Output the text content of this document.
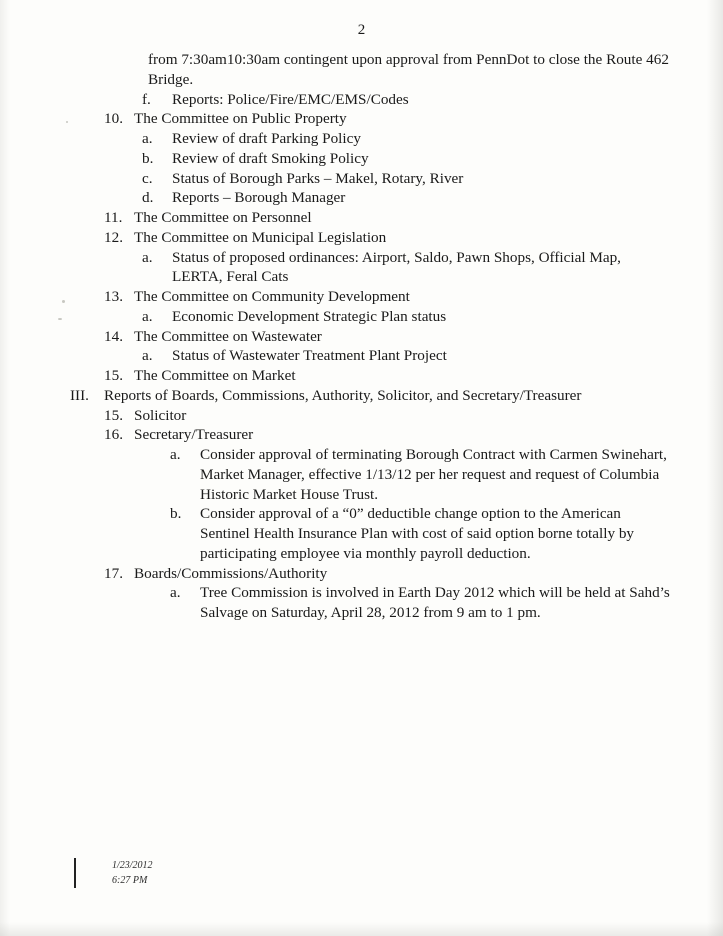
2
from 7:30am10:30am contingent upon approval from PennDot to close the Route 462 Bridge.
f.	Reports: Police/Fire/EMC/EMS/Codes
10. The Committee on Public Property
a.	Review of draft Parking Policy
b.	Review of draft Smoking Policy
c.	Status of Borough Parks – Makel, Rotary, River
d.	Reports – Borough Manager
11. The Committee on Personnel
12. The Committee on Municipal Legislation
a.	Status of proposed ordinances: Airport, Saldo, Pawn Shops, Official Map, LERTA, Feral Cats
13. The Committee on Community Development
a.	Economic Development Strategic Plan status
14. The Committee on Wastewater
a.	Status of Wastewater Treatment Plant Project
15. The Committee on Market
III. Reports of Boards, Commissions, Authority, Solicitor, and Secretary/Treasurer
15. Solicitor
16. Secretary/Treasurer
a.	Consider approval of terminating Borough Contract with Carmen Swinehart, Market Manager, effective 1/13/12 per her request and request of Columbia Historic Market House Trust.
b.	Consider approval of a “0” deductible change option to the American Sentinel Health Insurance Plan with cost of said option borne totally by participating employee via monthly payroll deduction.
17. Boards/Commissions/Authority
a.	Tree Commission is involved in Earth Day 2012 which will be held at Sahd’s Salvage on Saturday, April 28, 2012 from 9 am to 1 pm.
1/23/2012
6:27 PM
